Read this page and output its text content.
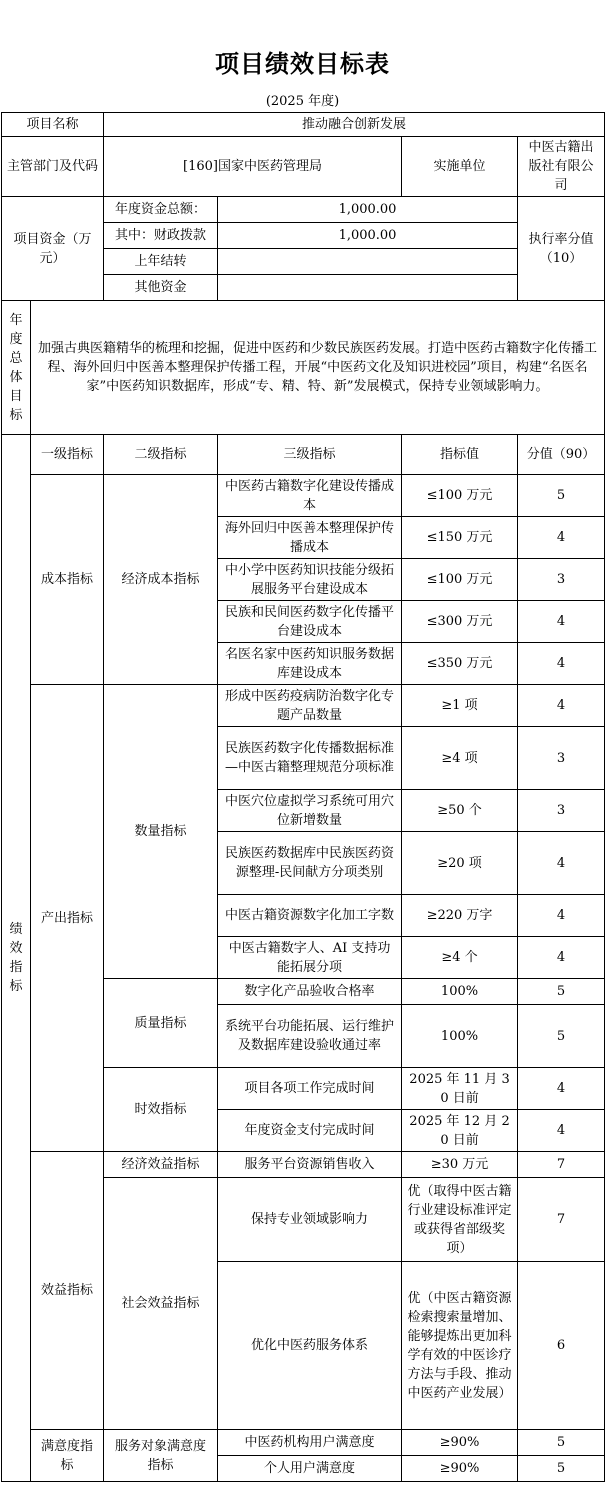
项目绩效目标表
(2025 年度)
项目名称		推动融合创新发展			
主管部门及代码		[160]国家中医药管理局		实施单位	中医古籍出版社有限公司
项目资金（万元）		年度资金总额：	1,000.00		执行率分值（10）
		其中：财政拨款	1,000.00		
		上年结转			
		其他资金			
年度总体目标	加强古典医籍精华的梳理和挖掘，促进中医药和少数民族医药发展。打造中医药古籍数字化传播工程、海外回归中医善本整理保护传播工程，开展“中医药文化及知识进校园”项目，构建“名医名家”中医药知识数据库，形成“专、精、特、新”发展模式，保持专业领域影响力。				
绩效指标	一级指标	二级指标	三级指标	指标值	分值（90）
	成本指标	经济成本指标	中医药古籍数字化建设传播成本	≤100 万元	5
			海外回归中医善本整理保护传播成本	≤150 万元	4
			中小学中医药知识技能分级拓展服务平台建设成本	≤100 万元	3
			民族和民间医药数字化传播平台建设成本	≤300 万元	4
			名医名家中医药知识服务数据库建设成本	≤350 万元	4
	产出指标	数量指标	形成中医药疫病防治数字化专题产品数量	≥1 项	4
			民族医药数字化传播数据标准—中医古籍整理规范分项标准	≥4 项	3
			中医穴位虚拟学习系统可用穴位新增数量	≥50 个	3
			民族医药数据库中民族医药资源整理-民间献方分项类别	≥20 项	4
			中医古籍资源数字化加工字数	≥220 万字	4
			中医古籍数字人、AI 支持功能拓展分项	≥4 个	4
		质量指标	数字化产品验收合格率	100%	5
			系统平台功能拓展、运行维护及数据库建设验收通过率	100%	5
		时效指标	项目各项工作完成时间	2025 年 11 月 30 日前	4
			年度资金支付完成时间	2025 年 12 月 20 日前	4
	效益指标	经济效益指标	服务平台资源销售收入	≥30 万元	7
		社会效益指标	保持专业领域影响力	优（取得中医古籍行业建设标准评定或获得省部级奖项）	7
			优化中医药服务体系	优（中医古籍资源检索搜索量增加、能够提炼出更加科学有效的中医诊疗方法与手段、推动中医药产业发展）	6
	满意度指标	服务对象满意度指标	中医药机构用户满意度	≥90%	5
			个人用户满意度	≥90%	5
